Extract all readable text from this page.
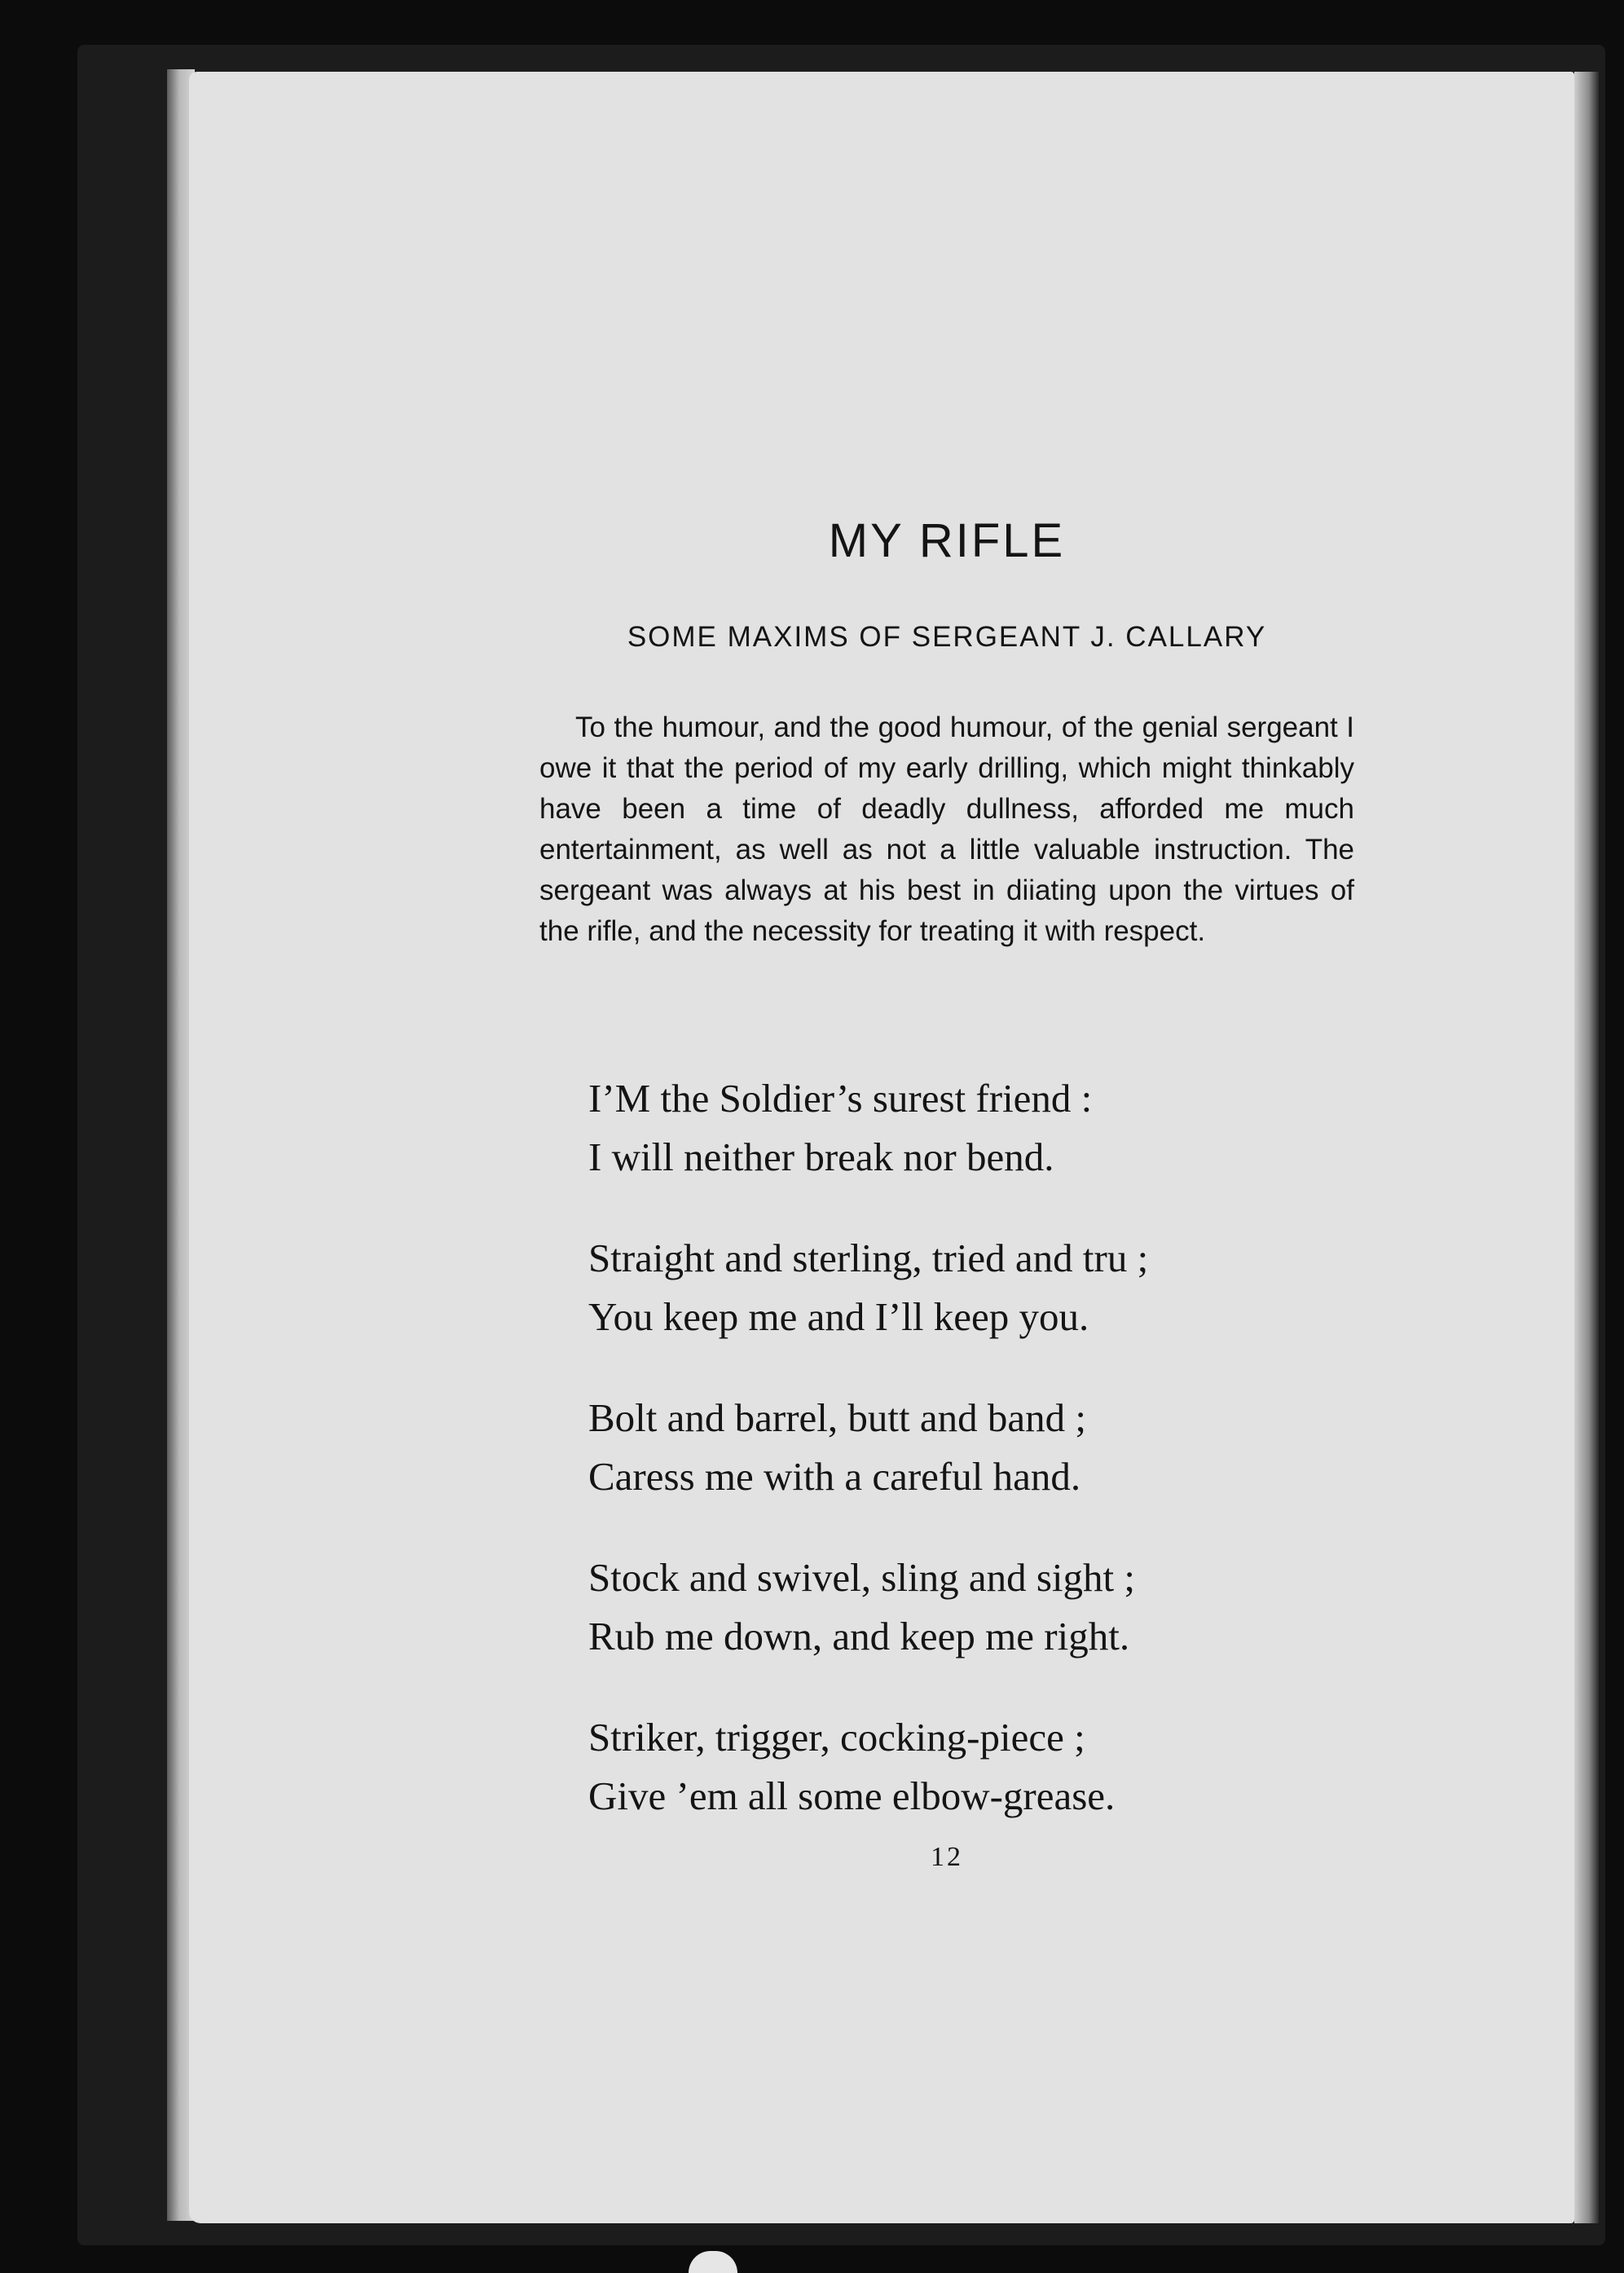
MY RIFLE
SOME MAXIMS OF SERGEANT J. CALLARY

To the humour, and the good humour, of the genial sergeant I owe it that the period of my early drilling, which might thinkably have been a time of deadly dullness, afforded me much entertainment, as well as not a little valuable instruction. The sergeant was always at his best in diiating upon the virtues of the rifle, and the necessity for treating it with respect.

I’M the Soldier’s surest friend :
I will neither break nor bend.
Straight and sterling, tried and tru ;
You keep me and I’ll keep you.
Bolt and barrel, butt and band ;
Caress me with a careful hand.
Stock and swivel, sling and sight ;
Rub me down, and keep me right.
Striker, trigger, cocking-piece ;
Give ’em all some elbow-grease.
12
